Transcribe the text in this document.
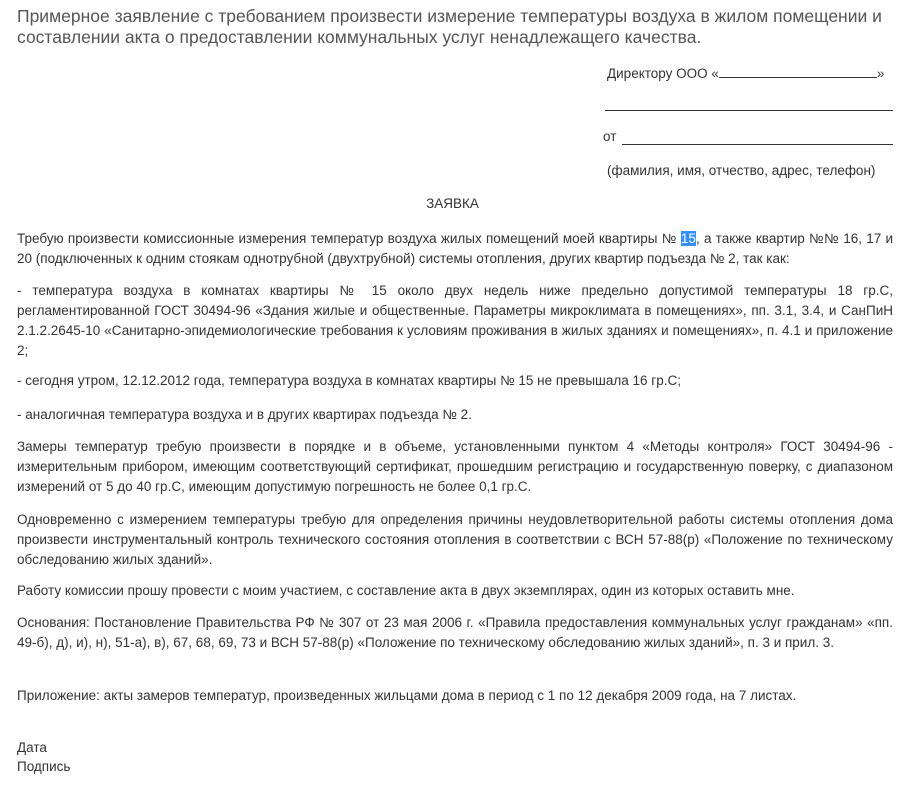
Примерное заявление с требованием произвести измерение температуры воздуха в жилом помещении и составлении акта о предоставлении коммунальных услуг ненадлежащего качества.
Директору ООО «	»
от
(фамилия, имя, отчество, адрес, телефон)
ЗАЯВКА
Требую произвести комиссионные измерения температур воздуха жилых помещений моей квартиры № 15, а также квартир №№ 16, 17 и 20 (подключенных к одним стоякам однотрубной (двухтрубной) системы отопления, других квартир подъезда № 2, так как:
- температура воздуха в комнатах квартиры № 15 около двух недель ниже предельно допустимой температуры 18 гр.С, регламентированной ГОСТ 30494-96 «Здания жилые и общественные. Параметры микроклимата в помещениях», пп. 3.1, 3.4, и СанПиН 2.1.2.2645-10 «Санитарно-эпидемиологические требования к условиям проживания в жилых зданиях и помещениях», п. 4.1 и приложение 2;
- сегодня утром, 12.12.2012 года, температура воздуха в комнатах квартиры № 15 не превышала 16 гр.С;
- аналогичная температура воздуха и в других квартирах подъезда № 2.
Замеры температур требую произвести в порядке и в объеме, установленными пунктом 4 «Методы контроля» ГОСТ 30494-96 - измерительным прибором, имеющим соответствующий сертификат, прошедшим регистрацию и государственную поверку, с диапазоном измерений от 5 до 40 гр.С, имеющим допустимую погрешность не более 0,1 гр.С.
Одновременно с измерением температуры требую для определения причины неудовлетворительной работы системы отопления дома произвести инструментальный контроль технического состояния отопления в соответствии с ВСН 57-88(р) «Положение по техническому обследованию жилых зданий».
Работу комиссии прошу провести с моим участием, с составление акта в двух экземплярах, один из которых оставить мне.
Основания: Постановление Правительства РФ № 307 от 23 мая 2006 г. «Правила предоставления коммунальных услуг гражданам» «пп. 49-б), д), и), н), 51-а), в), 67, 68, 69, 73 и ВСН 57-88(р) «Положение по техническому обследованию жилых зданий», п. 3 и прил. 3.
Приложение: акты замеров температур, произведенных жильцами дома в период с 1 по 12 декабря 2009 года, на 7 листах.
Дата
Подпись
